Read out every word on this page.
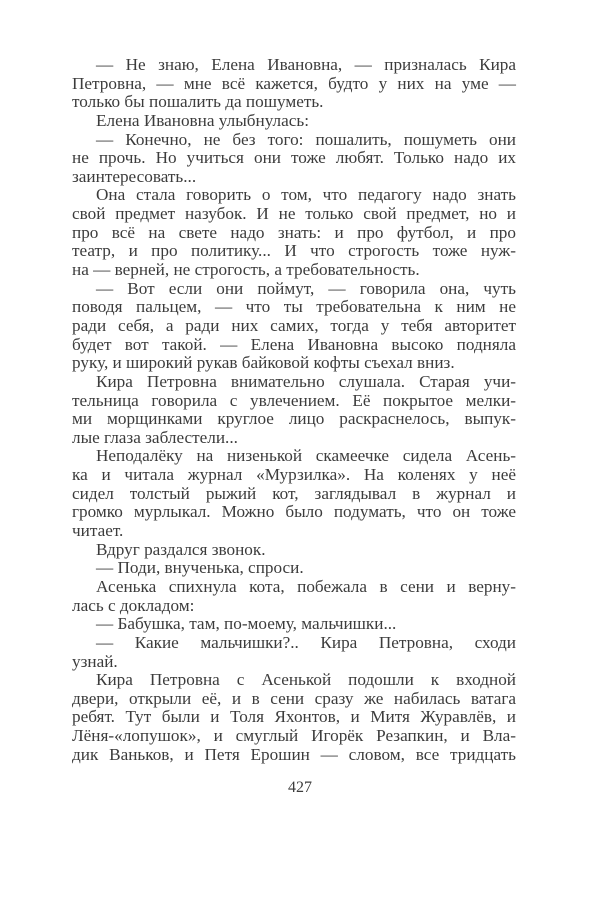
— Не знаю, Елена Ивановна, — призналась Кира
Петровна, — мне всё кажется, будто у них на уме —
только бы пошалить да пошуметь.
Елена Ивановна улыбнулась:
— Конечно, не без того: пошалить, пошуметь они
не прочь. Но учиться они тоже любят. Только надо их
заинтересовать...
Она стала говорить о том, что педагогу надо знать
свой предмет назубок. И не только свой предмет, но и
про всё на свете надо знать: и про футбол, и про
театр, и про политику... И что строгость тоже нуж-
на — верней, не строгость, а требовательность.
— Вот если они поймут, — говорила она, чуть
поводя пальцем, — что ты требовательна к ним не
ради себя, а ради них самих, тогда у тебя авторитет
будет вот такой. — Елена Ивановна высоко подняла
руку, и широкий рукав байковой кофты съехал вниз.
Кира Петровна внимательно слушала. Старая учи-
тельница говорила с увлечением. Её покрытое мелки-
ми морщинками круглое лицо раскраснелось, выпук-
лые глаза заблестели...
Неподалёку на низенькой скамеечке сидела Асень-
ка и читала журнал «Мурзилка». На коленях у неё
сидел толстый рыжий кот, заглядывал в журнал и
громко мурлыкал. Можно было подумать, что он тоже
читает.
Вдруг раздался звонок.
— Поди, внученька, спроси.
Асенька спихнула кота, побежала в сени и верну-
лась с докладом:
— Бабушка, там, по-моему, мальчишки...
— Какие мальчишки?.. Кира Петровна, сходи
узнай.
Кира Петровна с Асенькой подошли к входной
двери, открыли её, и в сени сразу же набилась ватага
ребят. Тут были и Толя Яхонтов, и Митя Журавлёв, и
Лёня-«лопушок», и смуглый Игорёк Резапкин, и Вла-
дик Ваньков, и Петя Ерошин — словом, все тридцать
427
